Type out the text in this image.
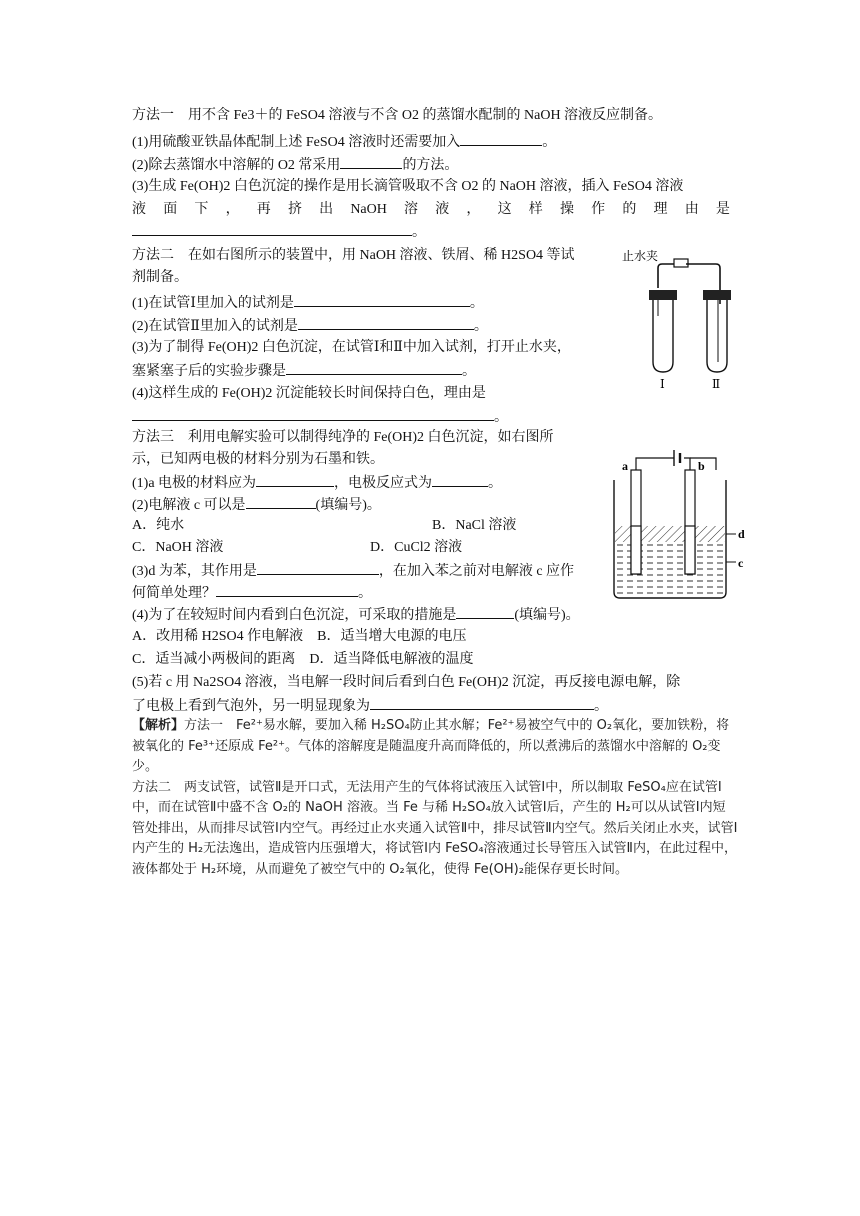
方法一　用不含 Fe3＋的 FeSO4 溶液与不含 O2 的蒸馏水配制的 NaOH 溶液反应制备。
(1)用硫酸亚铁晶体配制上述 FeSO4 溶液时还需要加入	。
(2)除去蒸馏水中溶解的 O2 常采用	的方法。
(3)生成 Fe(OH)2 白色沉淀的操作是用长滴管吸取不含 O2 的 NaOH 溶液，插入 FeSO4 溶液
液 面 下 ， 再 挤 出 NaOH 溶 液 ， 这 样 操 作 的 理 由 是
。
方法二　在如右图所示的装置中，用 NaOH 溶液、铁屑、稀 H2SO4 等试
剂制备。
(1)在试管Ⅰ里加入的试剂是	。
(2)在试管Ⅱ里加入的试剂是	。
(3)为了制得 Fe(OH)2 白色沉淀，在试管Ⅰ和Ⅱ中加入试剂，打开止水夹，
塞紧塞子后的实验步骤是	。
(4)这样生成的 Fe(OH)2 沉淀能较长时间保持白色，理由是
。
止水夹
Ⅰ	Ⅱ
方法三　利用电解实验可以制得纯净的 Fe(OH)2 白色沉淀，如右图所
示，已知两电极的材料分别为石墨和铁。
(1)a 电极的材料应为	，电极反应式为	。
(2)电解液 c 可以是	(填编号)。
A．纯水	B．NaCl 溶液
C．NaOH 溶液	D．CuCl2 溶液
(3)d 为苯，其作用是	，在加入苯之前对电解液 c 应作
何简单处理？	。
(4)为了在较短时间内看到白色沉淀，可采取的措施是	(填编号)。
A．改用稀 H2SO4 作电解液　B．适当增大电源的电压
C．适当减小两极间的距离　D．适当降低电解液的温度
(5)若 c 用 Na2SO4 溶液，当电解一段时间后看到白色 Fe(OH)2 沉淀，再反接电源电解，除
了电极上看到气泡外，另一明显现象为	。
a	b
d
c

【解析】方法一　Fe²⁺易水解，要加入稀 H₂SO₄防止其水解；Fe²⁺易被空气中的 O₂氧化，要加铁粉，将被氧化的 Fe³⁺还原成 Fe²⁺。气体的溶解度是随温度升高而降低的，所以煮沸后的蒸馏水中溶解的 O₂变少。

方法二　两支试管，试管Ⅱ是开口式，无法用产生的气体将试液压入试管Ⅰ中，所以制取 FeSO₄应在试管Ⅰ中，而在试管Ⅱ中盛不含 O₂的 NaOH 溶液。当 Fe 与稀 H₂SO₄放入试管Ⅰ后，产生的 H₂可以从试管Ⅰ内短管处排出，从而排尽试管Ⅰ内空气。再经过止水夹通入试管Ⅱ中，排尽试管Ⅱ内空气。然后关闭止水夹，试管Ⅰ内产生的 H₂无法逸出，造成管内压强增大，将试管Ⅰ内 FeSO₄溶液通过长导管压入试管Ⅱ内，在此过程中，液体都处于 H₂环境，从而避免了被空气中的 O₂氧化，使得 Fe(OH)₂能保存更长时间。
